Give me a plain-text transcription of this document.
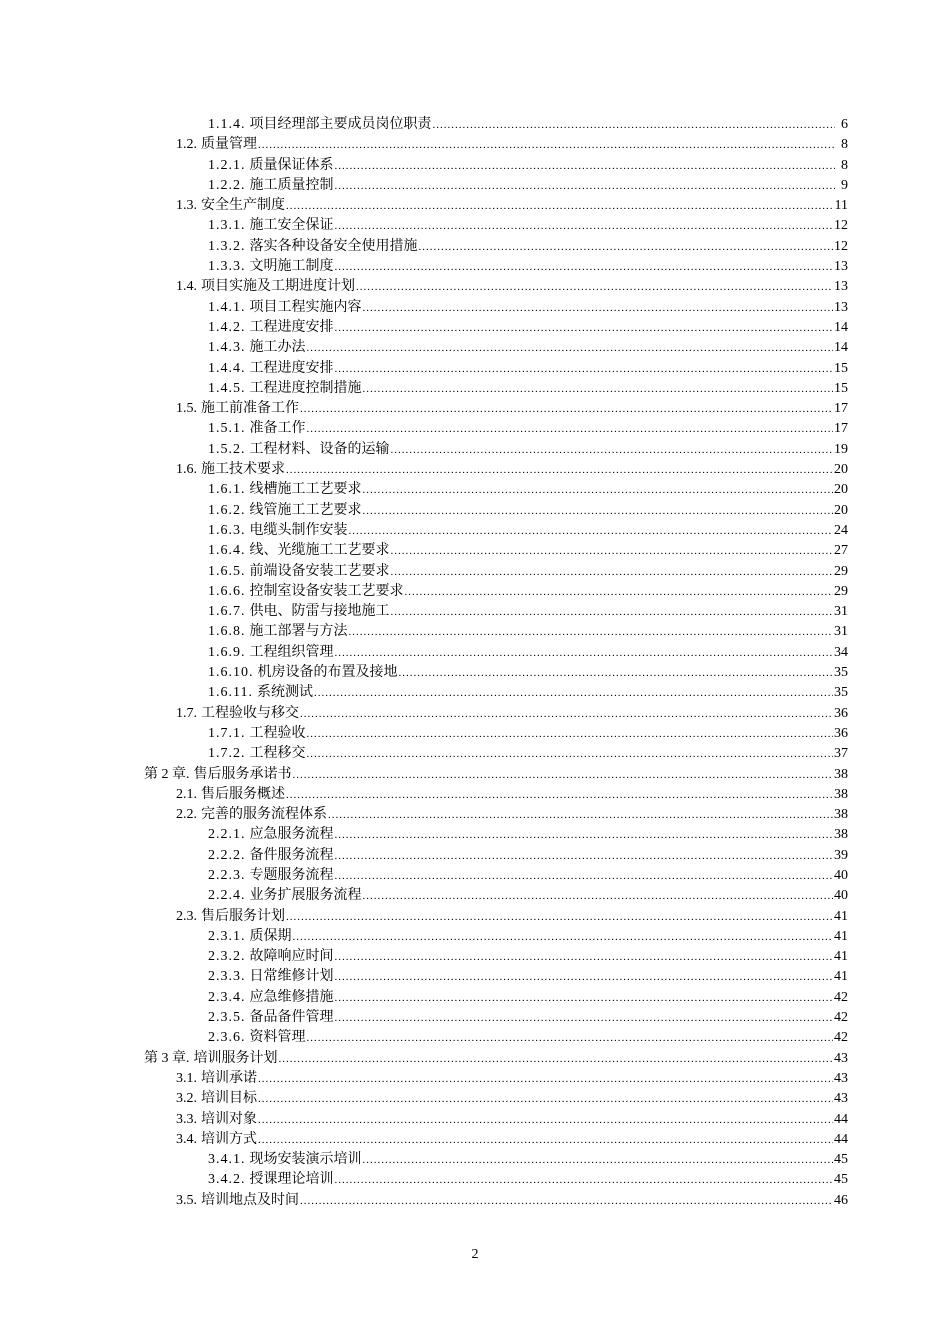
1.1.4. 项目经理部主要成员岗位职责 .....	6
1.2. 质量管理 .....	8
1.2.1. 质量保证体系 .....	8
1.2.2. 施工质量控制 .....	9
1.3. 安全生产制度 .....	11
1.3.1. 施工安全保证 .....	12
1.3.2. 落实各种设备安全使用措施 .....	12
1.3.3. 文明施工制度 .....	13
1.4. 项目实施及工期进度计划 .....	13
1.4.1. 项目工程实施内容 .....	13
1.4.2. 工程进度安排 .....	14
1.4.3. 施工办法 .....	14
1.4.4. 工程进度安排 .....	15
1.4.5. 工程进度控制措施 .....	15
1.5. 施工前准备工作 .....	17
1.5.1. 准备工作 .....	17
1.5.2. 工程材料、设备的运输 .....	19
1.6. 施工技术要求 .....	20
1.6.1. 线槽施工工艺要求 .....	20
1.6.2. 线管施工工艺要求 .....	20
1.6.3. 电缆头制作安装 .....	24
1.6.4. 线、光缆施工工艺要求 .....	27
1.6.5. 前端设备安装工艺要求 .....	29
1.6.6. 控制室设备安装工艺要求 .....	29
1.6.7. 供电、防雷与接地施工 .....	31
1.6.8. 施工部署与方法 .....	31
1.6.9. 工程组织管理 .....	34
1.6.10. 机房设备的布置及接地 .....	35
1.6.11. 系统测试 .....	35
1.7. 工程验收与移交 .....	36
1.7.1. 工程验收 .....	36
1.7.2. 工程移交 .....	37
第 2 章. 售后服务承诺书 .....	38
2.1. 售后服务概述 .....	38
2.2. 完善的服务流程体系 .....	38
2.2.1. 应急服务流程 .....	38
2.2.2. 备件服务流程 .....	39
2.2.3. 专题服务流程 .....	40
2.2.4. 业务扩展服务流程 .....	40
2.3. 售后服务计划 .....	41
2.3.1. 质保期 .....	41
2.3.2. 故障响应时间 .....	41
2.3.3. 日常维修计划 .....	41
2.3.4. 应急维修措施 .....	42
2.3.5. 备品备件管理 .....	42
2.3.6. 资料管理 .....	42
第 3 章. 培训服务计划 .....	43
3.1. 培训承诺 .....	43
3.2. 培训目标 .....	43
3.3. 培训对象 .....	44
3.4. 培训方式 .....	44
3.4.1. 现场安装演示培训 .....	45
3.4.2. 授课理论培训 .....	45
3.5. 培训地点及时间 .....	46
2
